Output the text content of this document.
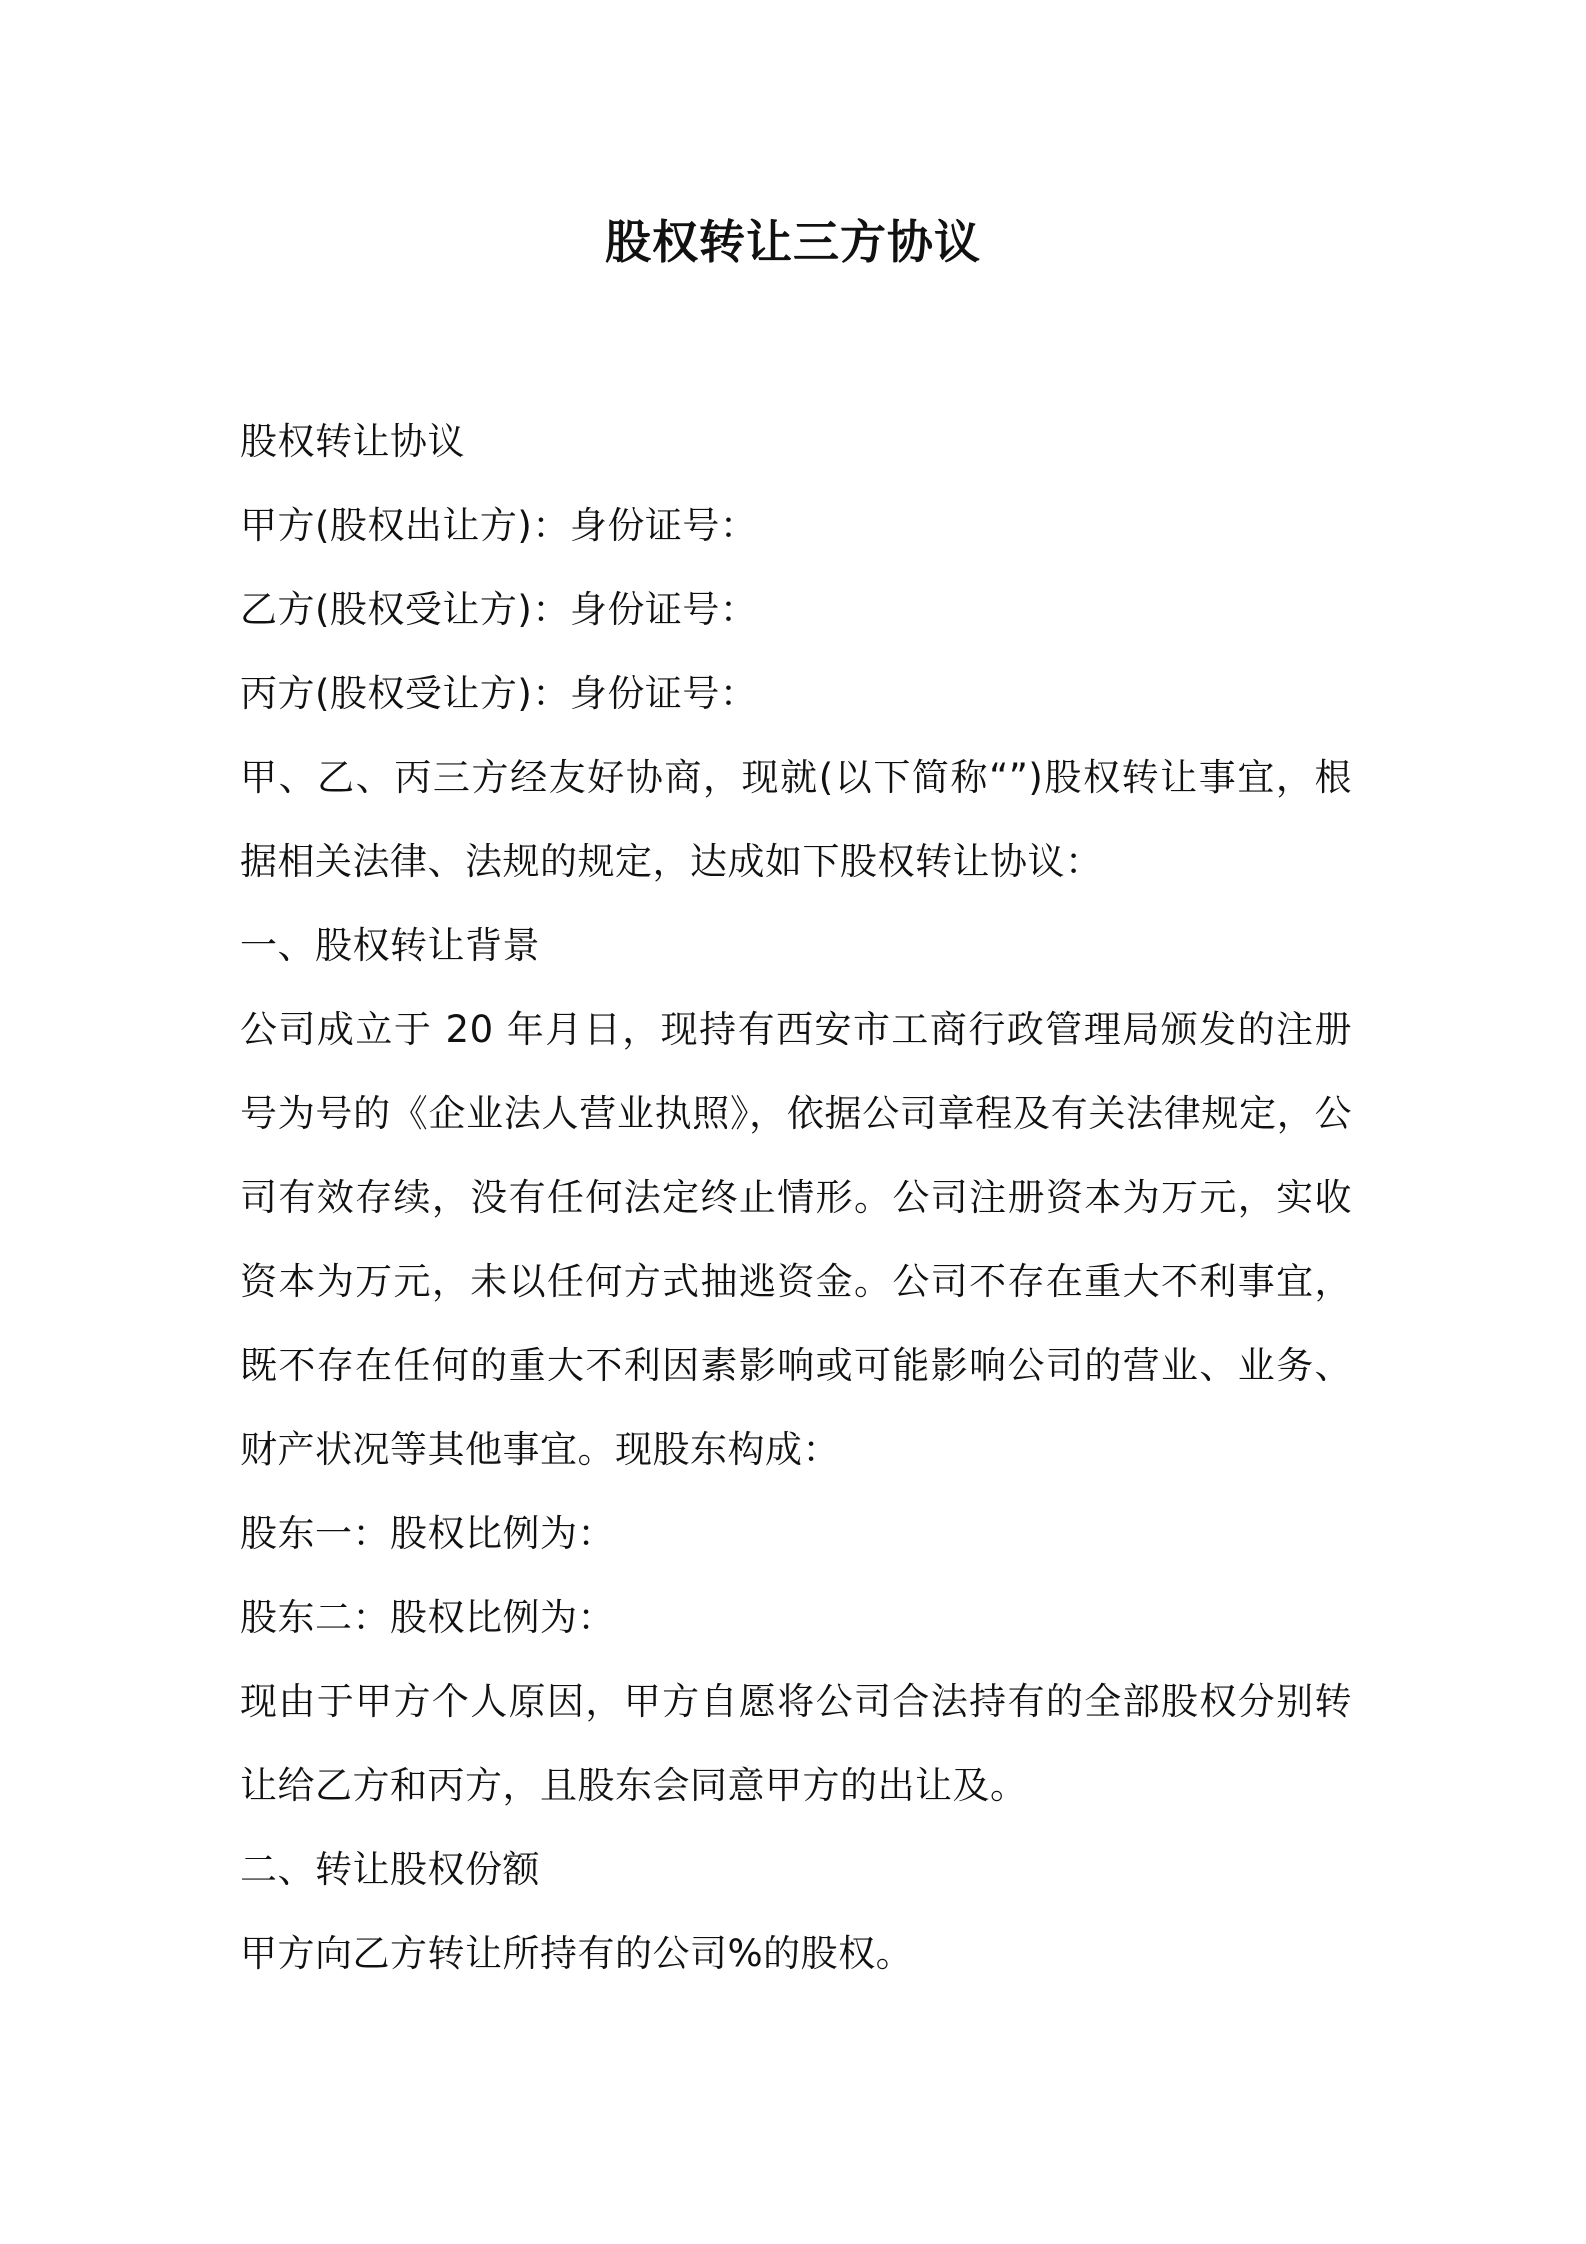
股权转让三方协议

股权转让协议

甲方(股权出让方)：身份证号：

乙方(股权受让方)：身份证号：

丙方(股权受让方)：身份证号：

甲、乙、丙三方经友好协商，现就(以下简称“”)股权转让事宜，根据相关法律、法规的规定，达成如下股权转让协议：

一、股权转让背景

公司成立于 20 年月日，现持有西安市工商行政管理局颁发的注册号为号的《企业法人营业执照》，依据公司章程及有关法律规定，公司有效存续，没有任何法定终止情形。公司注册资本为万元，实收资本为万元，未以任何方式抽逃资金。公司不存在重大不利事宜，既不存在任何的重大不利因素影响或可能影响公司的营业、业务、财产状况等其他事宜。现股东构成：

股东一：股权比例为：

股东二：股权比例为：

现由于甲方个人原因，甲方自愿将公司合法持有的全部股权分别转让给乙方和丙方，且股东会同意甲方的出让及。

二、转让股权份额

甲方向乙方转让所持有的公司%的股权。
